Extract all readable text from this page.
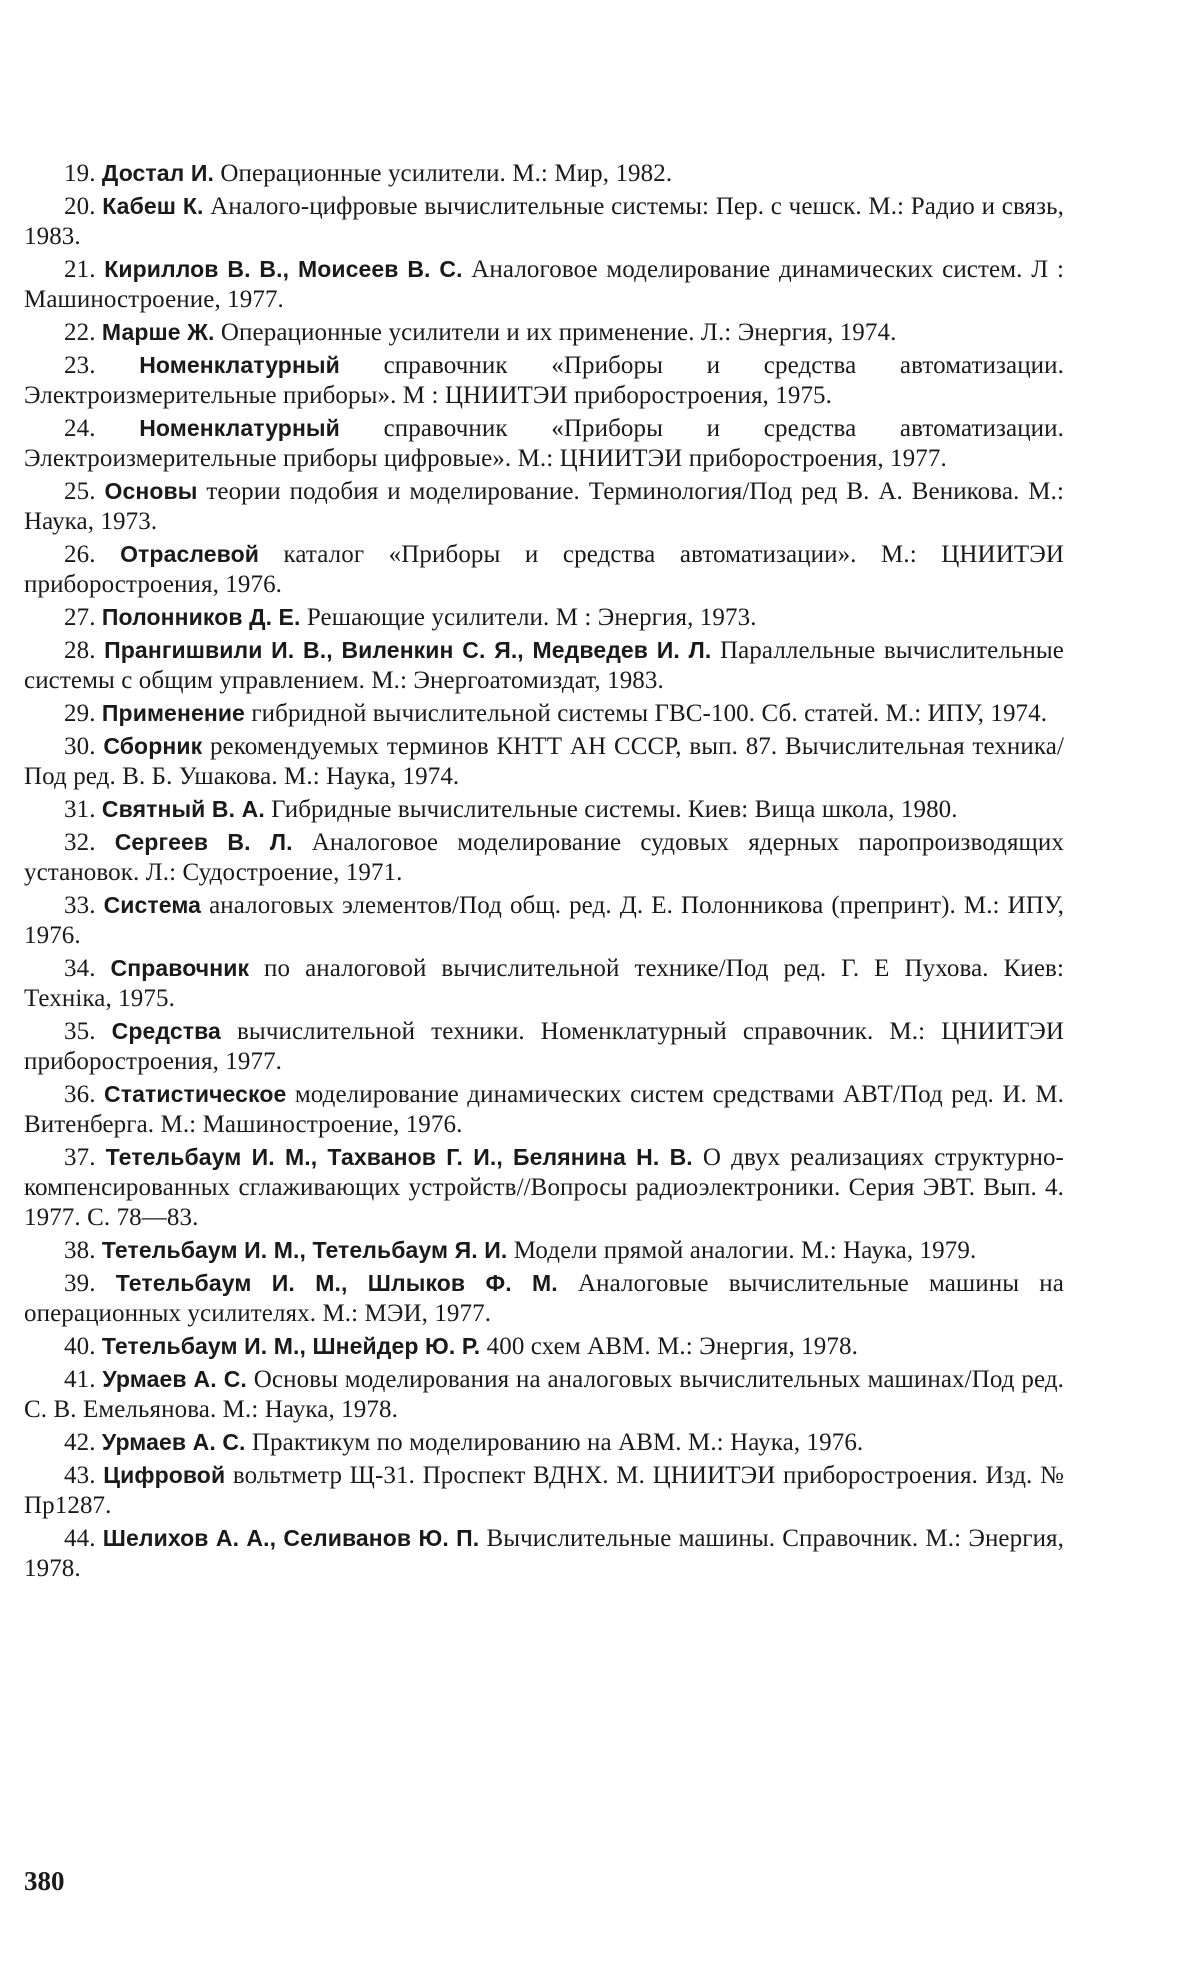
19. Достал И. Операционные усилители. М.: Мир, 1982.

20. Кабеш К. Аналого-цифровые вычислительные системы: Пер. с чешск. М.: Радио и связь, 1983.

21. Кириллов В. В., Моисеев В. С. Аналоговое моделирование динамических систем. Л : Машиностроение, 1977.

22. Марше Ж. Операционные усилители и их применение. Л.: Энергия, 1974.

23. Номенклатурный справочник «Приборы и средства автоматизации. Электроизмерительные приборы». М : ЦНИИТЭИ приборостроения, 1975.

24. Номенклатурный справочник «Приборы и средства автоматизации. Электроизмерительные приборы цифровые». М.: ЦНИИТЭИ приборостроения, 1977.

25. Основы теории подобия и моделирование. Терминология/Под ред В. А. Веникова. М.: Наука, 1973.

26. Отраслевой каталог «Приборы и средства автоматизации». М.: ЦНИИТЭИ приборостроения, 1976.

27. Полонников Д. Е. Решающие усилители. М : Энергия, 1973.

28. Прангишвили И. В., Виленкин С. Я., Медведев И. Л. Параллельные вычислительные системы с общим управлением. М.: Энергоатомиздат, 1983.

29. Применение гибридной вычислительной системы ГВС-100. Сб. статей. М.: ИПУ, 1974.

30. Сборник рекомендуемых терминов КНТТ АН СССР, вып. 87. Вычислительная техника/Под ред. В. Б. Ушакова. М.: Наука, 1974.

31. Святный В. А. Гибридные вычислительные системы. Киев: Вища школа, 1980.

32. Сергеев В. Л. Аналоговое моделирование судовых ядерных паропроизводящих установок. Л.: Судостроение, 1971.

33. Система аналоговых элементов/Под общ. ред. Д. Е. Полонникова (препринт). М.: ИПУ, 1976.

34. Справочник по аналоговой вычислительной технике/Под ред. Г. Е Пухова. Киев: Техніка, 1975.

35. Средства вычислительной техники. Номенклатурный справочник. М.: ЦНИИТЭИ приборостроения, 1977.

36. Статистическое моделирование динамических систем средствами АВТ/Под ред. И. М. Витенберга. М.: Машиностроение, 1976.

37. Тетельбаум И. М., Тахванов Г. И., Белянина Н. В. О двух реализациях структурно-компенсированных сглаживающих устройств//Вопросы радиоэлектроники. Серия ЭВТ. Вып. 4. 1977. С. 78—83.

38. Тетельбаум И. М., Тетельбаум Я. И. Модели прямой аналогии. М.: Наука, 1979.

39. Тетельбаум И. М., Шлыков Ф. М. Аналоговые вычислительные машины на операционных усилителях. М.: МЭИ, 1977.

40. Тетельбаум И. М., Шнейдер Ю. Р. 400 схем АВМ. М.: Энергия, 1978.

41. Урмаев А. С. Основы моделирования на аналоговых вычислительных машинах/Под ред. С. В. Емельянова. М.: Наука, 1978.

42. Урмаев А. С. Практикум по моделированию на АВМ. М.: Наука, 1976.

43. Цифровой вольтметр Щ-31. Проспект ВДНХ. М. ЦНИИТЭИ приборостроения. Изд. № Пр1287.

44. Шелихов А. А., Селиванов Ю. П. Вычислительные машины. Справочник. М.: Энергия, 1978.

380
